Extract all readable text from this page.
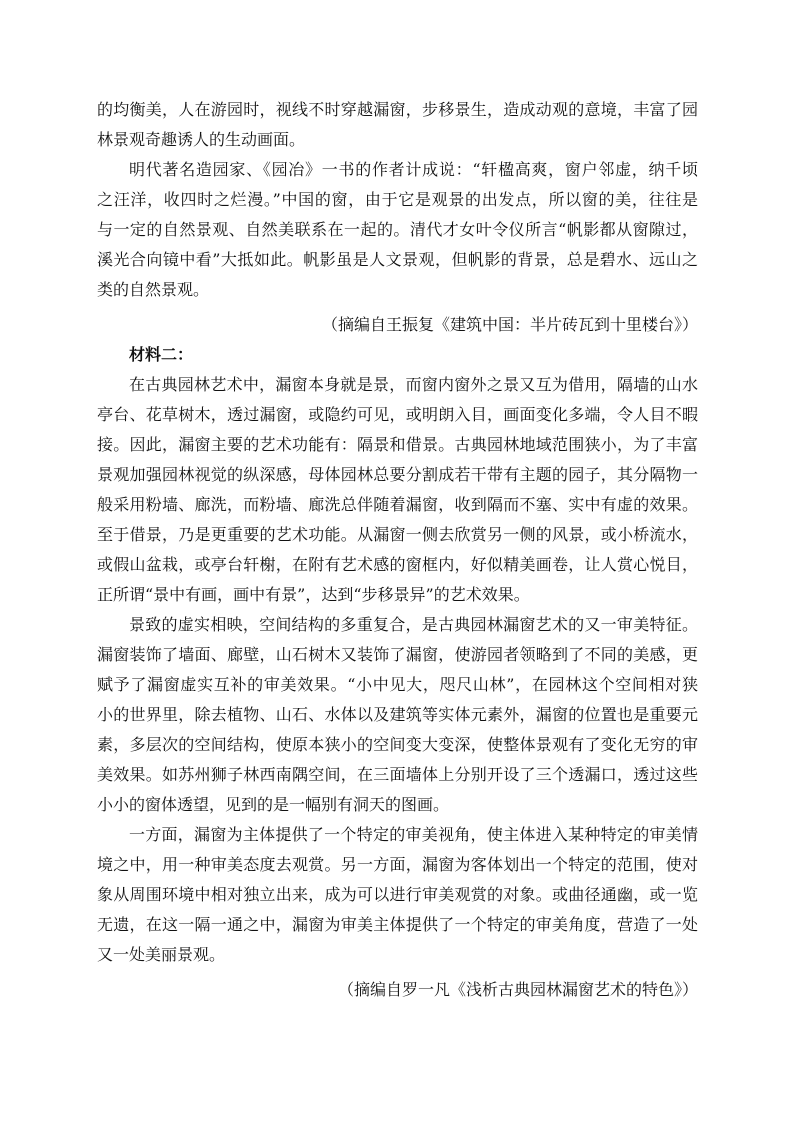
的均衡美，人在游园时，视线不时穿越漏窗，步移景生，造成动观的意境，丰富了园
林景观奇趣诱人的生动画面。
明代著名造园家、《园冶》一书的作者计成说：“轩楹高爽，窗户邻虚，纳千顷
之汪洋，收四时之烂漫。”中国的窗，由于它是观景的出发点，所以窗的美，往往是
与一定的自然景观、自然美联系在一起的。清代才女叶令仪所言“帆影都从窗隙过，
溪光合向镜中看”大抵如此。帆影虽是人文景观，但帆影的背景，总是碧水、远山之
类的自然景观。
（摘编自王振复《建筑中国：半片砖瓦到十里楼台》）
材料二：
在古典园林艺术中，漏窗本身就是景，而窗内窗外之景又互为借用，隔墙的山水
亭台、花草树木，透过漏窗，或隐约可见，或明朗入目，画面变化多端，令人目不暇
接。因此，漏窗主要的艺术功能有：隔景和借景。古典园林地域范围狭小，为了丰富
景观加强园林视觉的纵深感，母体园林总要分割成若干带有主题的园子，其分隔物一
般采用粉墙、廊洗，而粉墙、廊洗总伴随着漏窗，收到隔而不塞、实中有虚的效果。
至于借景，乃是更重要的艺术功能。从漏窗一侧去欣赏另一侧的风景，或小桥流水，
或假山盆栽，或亭台轩榭，在附有艺术感的窗框内，好似精美画卷，让人赏心悦目，
正所谓“景中有画，画中有景”，达到“步移景异”的艺术效果。
景致的虚实相映，空间结构的多重复合，是古典园林漏窗艺术的又一审美特征。
漏窗装饰了墙面、廊壁，山石树木又装饰了漏窗，使游园者领略到了不同的美感，更
赋予了漏窗虚实互补的审美效果。“小中见大，咫尺山林”，在园林这个空间相对狭
小的世界里，除去植物、山石、水体以及建筑等实体元素外，漏窗的位置也是重要元
素，多层次的空间结构，使原本狭小的空间变大变深，使整体景观有了变化无穷的审
美效果。如苏州狮子林西南隅空间，在三面墙体上分别开设了三个透漏口，透过这些
小小的窗体透望，见到的是一幅别有洞天的图画。
一方面，漏窗为主体提供了一个特定的审美视角，使主体进入某种特定的审美情
境之中，用一种审美态度去观赏。另一方面，漏窗为客体划出一个特定的范围，使对
象从周围环境中相对独立出来，成为可以进行审美观赏的对象。或曲径通幽，或一览
无遗，在这一隔一通之中，漏窗为审美主体提供了一个特定的审美角度，营造了一处
又一处美丽景观。
（摘编自罗一凡《浅析古典园林漏窗艺术的特色》）
